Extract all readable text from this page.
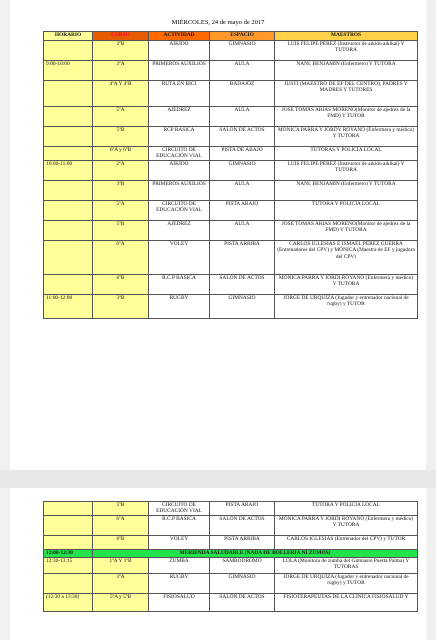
MIÉRCOLES, 24 de mayo de 2017
HORARIO	CURSO	ACTIVIDAD	ESPACIO	MAESTROS
	2ºB	AIKIDO	GIMNASIO	LUIS FELIPE PÉREZ (Instructor de aikido aikikai) Y TUTORA
9:00-10:00	3ºA	PRIMEROS AUXILIOS	AULA	NANI, BENJAMIN (Enfermero) Y TUTORA
	4ºA Y 4ºB	RUTA EN BICI	BADAJOZ	JUSTI (MAESTRO DE EF DEL CENTRO), PADRES Y MADRES Y TUTORES
	5ºA	AJEDREZ	AULA	JOSÉ TOMÁS ARIAS MORENO(Monitor de ajedrez de la FMD) Y TUTOR
	5ºB	RCP BÁSICA	SALÓN DE ACTOS	MÓNICA PARRA Y JORDY ROYANO (Enfermera y médico) Y TUTORA
	6ºA y 6ºB	CIRCUITO DE EDUCACIÓN VIAL	PISTA DE ABAJO	TUTORAS Y POLICÍA LOCAL
10:00-11:00	2ºA	AIKIDO	GIMNASIO	LUIS FELIPE PÉREZ (Instructor de aikido aikikai) Y TUTORA
	3ºB	PRIMEROS AUXILIOS	AULA	NANI, BENJAMIN (Enfermero) Y TUTORA
	5ºA	CIRCUITO DE EDUCACIÓN VIAL	PISTA ABAJO	TUTORA Y POLICÍA LOCAL
	5ºB	AJEDREZ	AULA	JOSÉ TOMÁS ARIAS MORENO(Monitor de ajedrez de la FMD) Y TUTORA
	6ºA	VOLEY	PISTA ARRIBA	CARLOS IGLESIAS E ISMAEL PÉREZ GUERRA (Entrenadores del CPV) y MÓNICA (Maestra de EF y jugadora del CPV)
	6ºB	R.C.P BÁSICA	SALÓN DE ACTOS	MÓNICA PARRA Y JORDI ROYANO (Enfermera y médico) Y TUTORA
11:00-12:00	3ºB	RUGBY	GIMNASIO	JORGE DE URQUIZA (Jugador y entrenador nacional de rugby) y TUTOR
	5ºB	CIRCUITO DE EDUCACIÓN VIAL	PISTA ABAJO	TUTORA Y POLICÍA LOCAL
	6ºA	R.C.P BÁSICA	SALÓN DE ACTOS	MÓNICA PARRA Y JORDI ROYANO (Enfermera y médico) Y TUTORA
	6ºB	VOLEY	PISTA ARRIBA	CARLOS IGLESIAS (Entrenador del CPV) y TUTOR
12:00-12:30	MERIENDA SALUDABLE (NADA DE BOLLERÍA NI ZUMOS)			
12:30-13:15	1ºA Y 1ºB	ZUMBA	SAMBODROMO	LOLA (Monitora de zumba del Gimnasio Puerta Palma) Y TUTORAS
	3ºA	RUGBY	GIMNASIO	JORGE DE URQUIZA (Jugador y entrenador nacional de rugby) y TUTOR
(12:30 a 13:30)	5ºA y 5ºB	FISIOSALUD	SALÓN DE ACTOS	FISIOTERAPEUTAS DE LA CLÍNICA FISIOSALUD Y
